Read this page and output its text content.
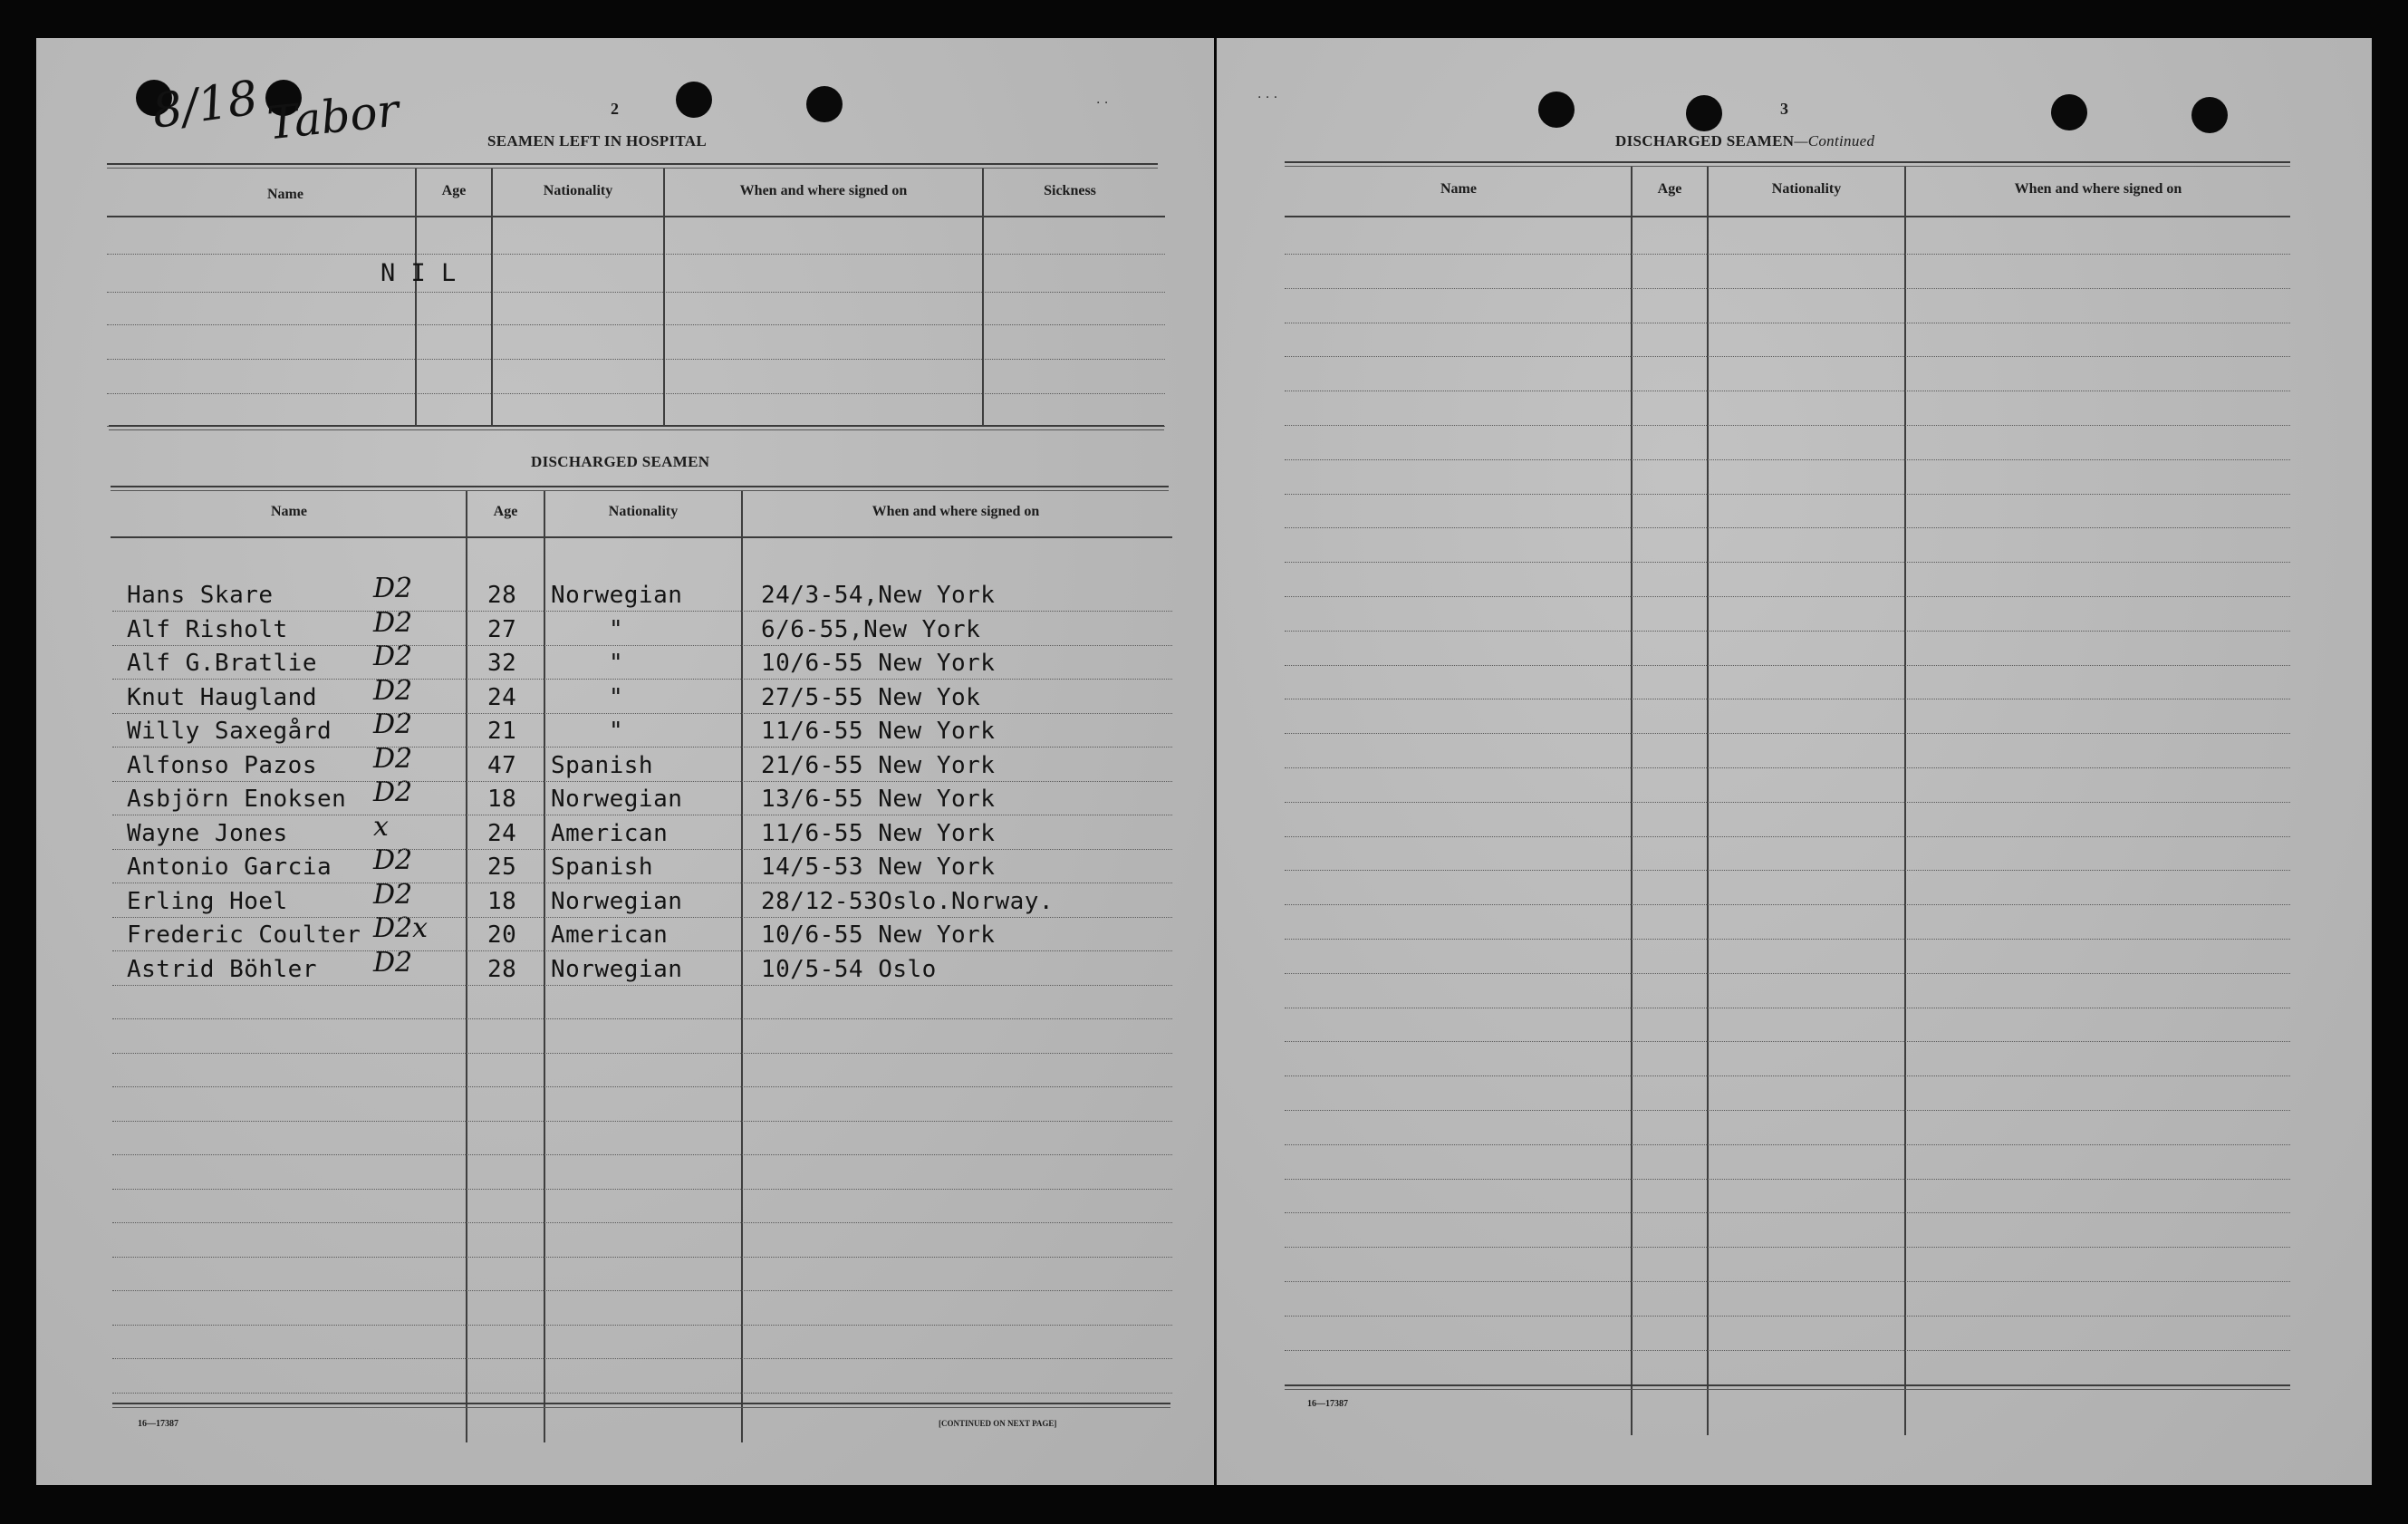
8/18 Tabor	2
SEAMEN LEFT IN HOSPITAL
· ·
Name	Age	Nationality	When and where signed on	Sickness
N I L
DISCHARGED SEAMEN
Name	Age	Nationality	When and where signed on
Hans Skare	D2	28 Norwegian	24/3-54,New York
Alf Risholt	D2	27	"	6/6-55,New York
Alf G.Bratlie D2	32	"	10/6-55 New York
Knut Haugland D2	24	"	27/5-55 New Yok
Willy Saxegård D2	21	"	11/6-55 New York
Alfonso Pazos D2	47 Spanish	21/6-55 New York
Asbjörn Enoksen D2	18 Norwegian	13/6-55 New York
Wayne Jones	x	24 American	11/6-55 New York
Antonio Garcia D2	25 Spanish	14/5-53 New York
Erling Hoel	D2	18 Norwegian	28/12-53Oslo.Norway.
Frederic Coulter D2x	20 American	10/6-55 New York
Astrid Böhler D2	28 Norwegian	10/5-54 Oslo
16—17387	[CONTINUED ON NEXT PAGE]
· · ·
3
DISCHARGED SEAMEN—Continued
Name	Age	Nationality	When and where signed on
16—17387
